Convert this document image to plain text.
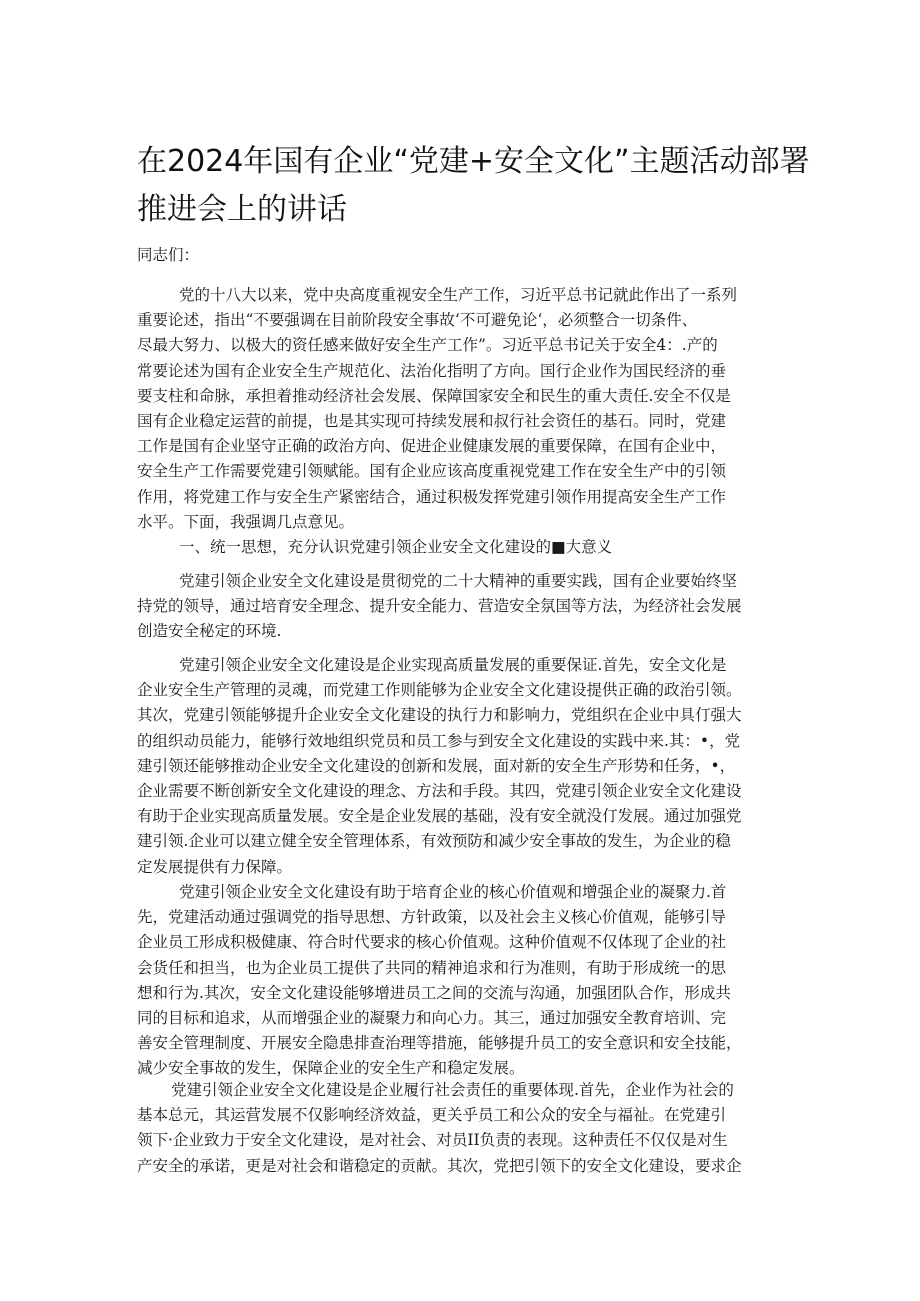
在2024年国有企业“党建+安全文化”主题活动部署
推进会上的讲话

同志们：

党的十八大以来，党中央高度重视安全生产工作，习近平总书记就此作出了一系列
重要论述，指出“不要强调在目前阶段安全事故‘不可避免论‘，必须整合一切条件、
尽最大努力、以极大的资任感来做好安全生产工作”。习近平总书记关于安全4：.产的
常要论述为国有企业安全生产规范化、法治化指明了方向。国行企业作为国民经济的垂
要支柱和命脉，承担着推动经济社会发展、保障国家安全和民生的重大责任.安全不仅是
国有企业稳定运营的前提，也是其实现可持续发展和叔行社会资任的基石。同时，党建
工作是国有企业坚守正确的政治方向、促进企业健康发展的重要保障，在国有企业中，
安全生产工作需要党建引领赋能。国有企业应该高度重视党建工作在安全生产中的引领
作用，将党建工作与安全生产紧密结合，通过积极发挥党建引领作用提高安全生产工作
水平。下面，我强调几点意见。
一、统一思想，充分认识党建引领企业安全文化建设的■大意义
党建引领企业安全文化建设是贯彻党的二十大精神的重要实践，国有企业要始终坚
持党的领导，通过培育安全理念、提升安全能力、营造安全氛国等方法，为经济社会发展
创造安全秘定的环境.
党建引领企业安全文化建设是企业实现高质量发展的重要保证.首先，安全文化是
企业安全生产管理的灵魂，而党建工作则能够为企业安全文化建设提供正确的政治引领。
其次，党建引领能够提升企业安全文化建设的执行力和影响力，党组织在企业中具仃强大
的组织动员能力，能够行效地组织党员和员工参与到安全文化建设的实践中来.其：•，党
建引领还能够推动企业安全文化建设的创新和发展，面对新的安全生产形势和任务，•，
企业需要不断创新安全文化建设的理念、方法和手段。其四，党建引领企业安全文化建设
有助于企业实现高质量发展。安全是企业发展的基础，没有安全就没仃发展。通过加强党
建引领.企业可以建立健全安全管理体系，有效预防和减少安全事故的发生，为企业的稳
定发展提供有力保障。
党建引领企业安全文化建设有助于培育企业的核心价值观和增强企业的凝聚力.首
先，党建活动通过强调党的指导思想、方针政策，以及社会主义核心价值观，能够引导
企业员工形成积极健康、符合时代要求的核心价值观。这种价值观不仅体现了企业的社
会货任和担当，也为企业员工提供了共同的精神追求和行为准则，有助于形成统一的思
想和行为.其次，安全文化建设能够增进员工之间的交流与沟通，加强团队合作，形成共
同的目标和追求，从而增强企业的凝聚力和向心力。其三，通过加强安全教育培训、完
善安全管理制度、开展安全隐患排查治理等措施，能够提升员工的安全意识和安全技能，
减少安全事故的发生，保障企业的安全生产和稳定发展。
党建引领企业安全文化建设是企业履行社会责任的重要体现.首先，企业作为社会的
基本总元，其运营发展不仅影响经济效益，更关乎员工和公众的安全与福祉。在党建引
领下·企业致力于安全文化建设，是对社会、对员II负责的表现。这种责任不仅仅是对生
产安全的承诺，更是对社会和谐稳定的贡献。其次，党把引领下的安全文化建设，要求企
